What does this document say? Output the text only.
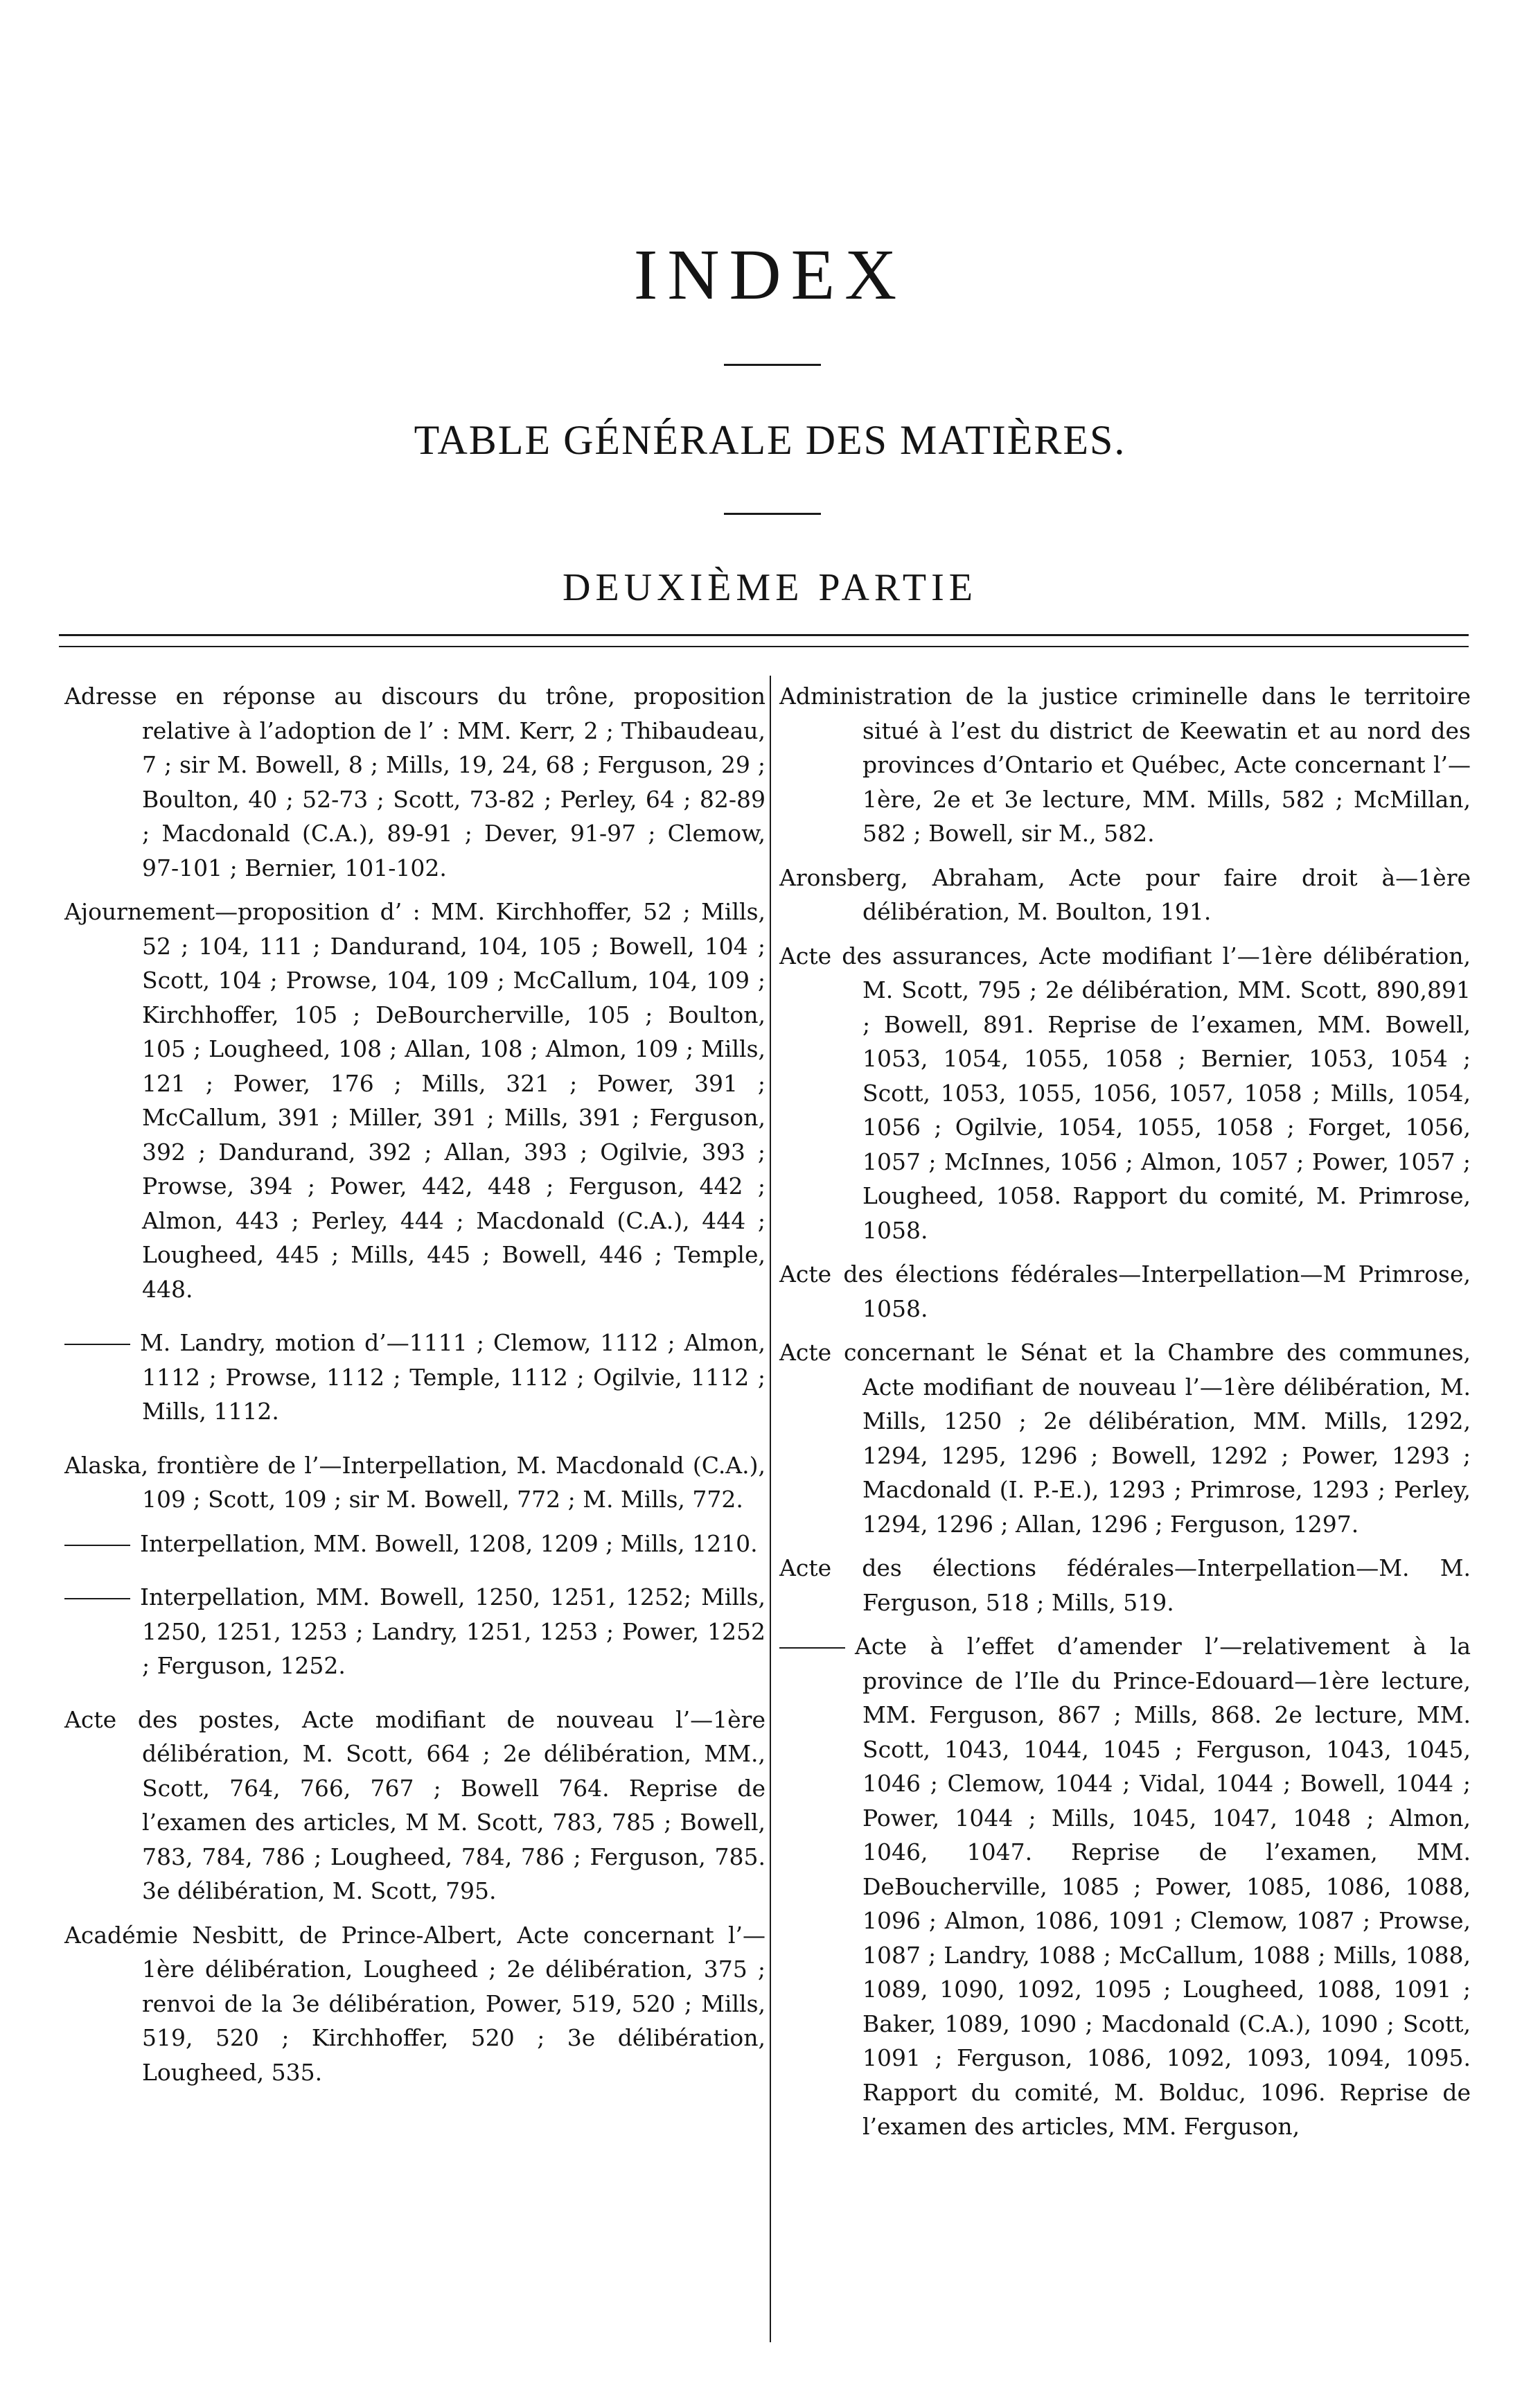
INDEX
TABLE GÉNÉRALE DES MATIÈRES.
DEUXIÈME PARTIE

Adresse en réponse au discours du trône, proposition relative à l’adoption de l’ : MM. Kerr, 2 ; Thibaudeau, 7 ; sir M. Bowell, 8 ; Mills, 19, 24, 68 ; Ferguson, 29 ; Boulton, 40 ; 52-73 ; Scott, 73-82 ; Perley, 64 ; 82-89 ; Macdonald (C.A.), 89-91 ; Dever, 91-97 ; Clemow, 97-101 ; Bernier, 101-102.

Ajournement—proposition d’ : MM. Kirchhoffer, 52 ; Mills, 52 ; 104, 111 ; Dandurand, 104, 105 ; Bowell, 104 ; Scott, 104 ; Prowse, 104, 109 ; McCallum, 104, 109 ; Kirchhoffer, 105 ; DeBourcherville, 105 ; Boulton, 105 ; Lougheed, 108 ; Allan, 108 ; Almon, 109 ; Mills, 121 ; Power, 176 ; Mills, 321 ; Power, 391 ; McCallum, 391 ; Miller, 391 ; Mills, 391 ; Ferguson, 392 ; Dandurand, 392 ; Allan, 393 ; Ogilvie, 393 ; Prowse, 394 ; Power, 442, 448 ; Ferguson, 442 ; Almon, 443 ; Perley, 444 ; Macdonald (C.A.), 444 ; Lougheed, 445 ; Mills, 445 ; Bowell, 446 ; Temple, 448.

M. Landry, motion d’—1111 ; Clemow, 1112 ; Almon, 1112 ; Prowse, 1112 ; Temple, 1112 ; Ogilvie, 1112 ; Mills, 1112.

Alaska, frontière de l’—Interpellation, M. Macdonald (C.A.), 109 ; Scott, 109 ; sir M. Bowell, 772 ; M. Mills, 772.

Interpellation, MM. Bowell, 1208, 1209 ; Mills, 1210.

Interpellation, MM. Bowell, 1250, 1251, 1252; Mills, 1250, 1251, 1253 ; Landry, 1251, 1253 ; Power, 1252 ; Ferguson, 1252.

Acte des postes, Acte modifiant de nouveau l’—1ère délibération, M. Scott, 664 ; 2e délibération, MM., Scott, 764, 766, 767 ; Bowell 764. Reprise de l’examen des articles, M M. Scott, 783, 785 ; Bowell, 783, 784, 786 ; Lougheed, 784, 786 ; Ferguson, 785. 3e délibération, M. Scott, 795.

Académie Nesbitt, de Prince-Albert, Acte concernant l’—1ère délibération, Lougheed ; 2e délibération, 375 ; renvoi de la 3e délibération, Power, 519, 520 ; Mills, 519, 520 ; Kirchhoffer, 520 ; 3e délibération, Lougheed, 535.

Administration de la justice criminelle dans le territoire situé à l’est du district de Keewatin et au nord des provinces d’Ontario et Québec, Acte concernant l’—1ère, 2e et 3e lecture, MM. Mills, 582 ; McMillan, 582 ; Bowell, sir M., 582.

Aronsberg, Abraham, Acte pour faire droit à—1ère délibération, M. Boulton, 191.

Acte des assurances, Acte modifiant l’—1ère délibération, M. Scott, 795 ; 2e délibération, MM. Scott, 890,891 ; Bowell, 891. Reprise de l’examen, MM. Bowell, 1053, 1054, 1055, 1058 ; Bernier, 1053, 1054 ; Scott, 1053, 1055, 1056, 1057, 1058 ; Mills, 1054, 1056 ; Ogilvie, 1054, 1055, 1058 ; Forget, 1056, 1057 ; McInnes, 1056 ; Almon, 1057 ; Power, 1057 ; Lougheed, 1058. Rapport du comité, M. Primrose, 1058.

Acte des élections fédérales—Interpellation—M Primrose, 1058.

Acte concernant le Sénat et la Chambre des communes, Acte modifiant de nouveau l’—1ère délibération, M. Mills, 1250 ; 2e délibération, MM. Mills, 1292, 1294, 1295, 1296 ; Bowell, 1292 ; Power, 1293 ; Macdonald (I. P.-E.), 1293 ; Primrose, 1293 ; Perley, 1294, 1296 ; Allan, 1296 ; Ferguson, 1297.

Acte des élections fédérales—Interpellation—M. M. Ferguson, 518 ; Mills, 519.

Acte à l’effet d’amender l’—relativement à la province de l’Ile du Prince-Edouard—1ère lecture, MM. Ferguson, 867 ; Mills, 868. 2e lecture, MM. Scott, 1043, 1044, 1045 ; Ferguson, 1043, 1045, 1046 ; Clemow, 1044 ; Vidal, 1044 ; Bowell, 1044 ; Power, 1044 ; Mills, 1045, 1047, 1048 ; Almon, 1046, 1047. Reprise de l’examen, MM. DeBoucherville, 1085 ; Power, 1085, 1086, 1088, 1096 ; Almon, 1086, 1091 ; Clemow, 1087 ; Prowse, 1087 ; Landry, 1088 ; McCallum, 1088 ; Mills, 1088, 1089, 1090, 1092, 1095 ; Lougheed, 1088, 1091 ; Baker, 1089, 1090 ; Macdonald (C.A.), 1090 ; Scott, 1091 ; Ferguson, 1086, 1092, 1093, 1094, 1095. Rapport du comité, M. Bolduc, 1096. Reprise de l’examen des articles, MM. Ferguson,
